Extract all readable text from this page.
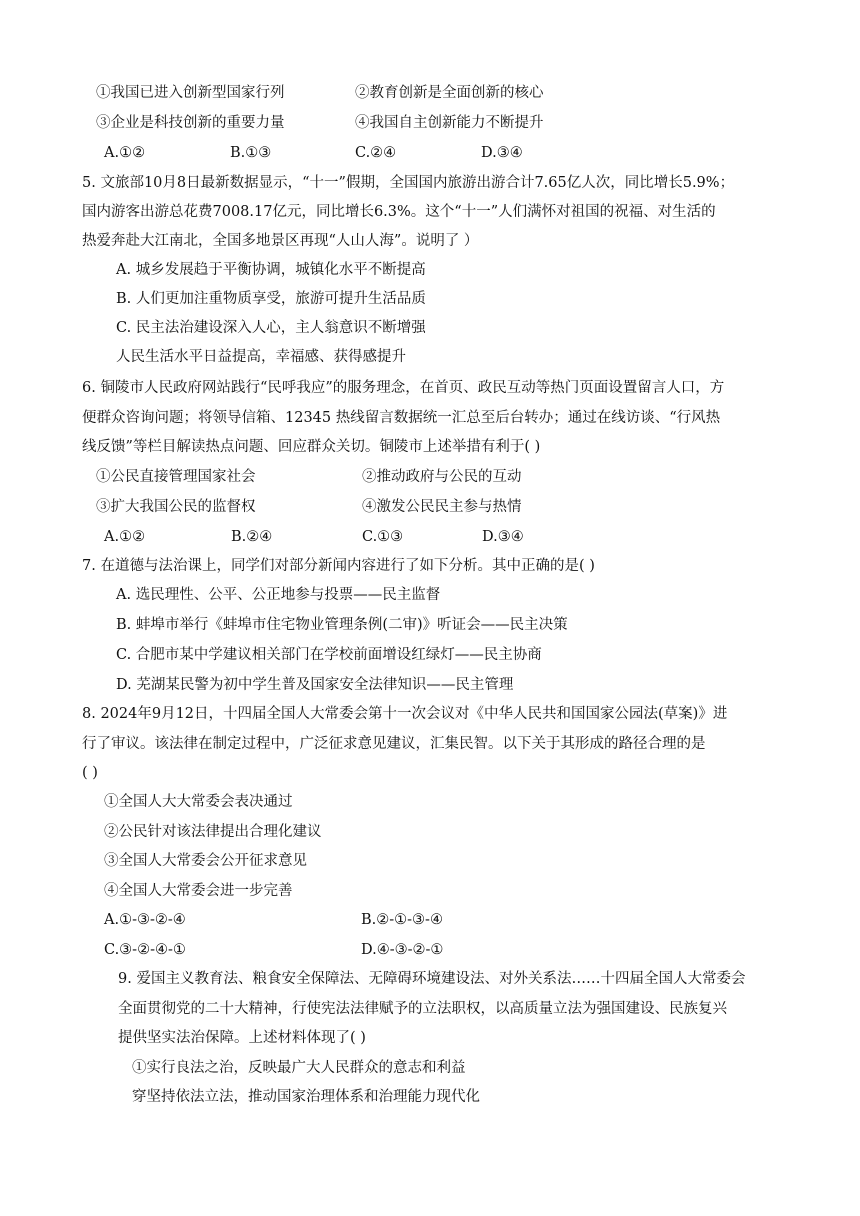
①我国已进入创新型国家行列	②教育创新是全面创新的核心
③企业是科技创新的重要力量	④我国自主创新能力不断提升
A.①②	B.①③	C.②④	D.③④
5. 文旅部10月8日最新数据显示，“十一”假期，全国国内旅游出游合计7.65亿人次，同比增长5.9%；
国内游客出游总花费7008.17亿元，同比增长6.3%。这个“十一”人们满怀对祖国的祝福、对生活的
热爱奔赴大江南北，全国多地景区再现“人山人海”。说明了 ）
A. 城乡发展趋于平衡协调，城镇化水平不断提高
B. 人们更加注重物质享受，旅游可提升生活品质
C. 民主法治建设深入人心，主人翁意识不断增强
人民生活水平日益提高，幸福感、获得感提升
6. 铜陵市人民政府网站践行“民呼我应”的服务理念，在首页、政民互动等热门页面设置留言人口，方
便群众咨询问题；将领导信箱、12345 热线留言数据统一汇总至后台转办；通过在线访谈、“行风热
线反馈”等栏目解读热点问题、回应群众关切。铜陵市上述举措有利于( )
①公民直接管理国家社会	②推动政府与公民的互动
③扩大我国公民的监督权	④激发公民民主参与热情
A.①②	B.②④	C.①③	D.③④
7. 在道德与法治课上，同学们对部分新闻内容进行了如下分析。其中正确的是( )
A. 选民理性、公平、公正地参与投票——民主监督
B. 蚌埠市举行《蚌埠市住宅物业管理条例(二审)》听证会——民主决策
C. 合肥市某中学建议相关部门在学校前面增设红绿灯——民主协商
D. 芜湖某民警为初中学生普及国家安全法律知识——民主管理
8. 2024年9月12日，十四届全国人大常委会第十一次会议对《中华人民共和国国家公园法(草案)》进
行了审议。该法律在制定过程中，广泛征求意见建议，汇集民智。以下关于其形成的路径合理的是
( )
①全国人大大常委会表决通过
②公民针对该法律提出合理化建议
③全国人大常委会公开征求意见
④全国人大常委会进一步完善
A.①-③-②-④	B.②-①-③-④
C.③-②-④-①	D.④-③-②-①
9. 爱国主义教育法、粮食安全保障法、无障碍环境建设法、对外关系法……十四届全国人大常委会
全面贯彻党的二十大精神，行使宪法法律赋予的立法职权，以高质量立法为强国建设、民族复兴
提供坚实法治保障。上述材料体现了( )
①实行良法之治，反映最广大人民群众的意志和利益
穿坚持依法立法，推动国家治理体系和治理能力现代化
